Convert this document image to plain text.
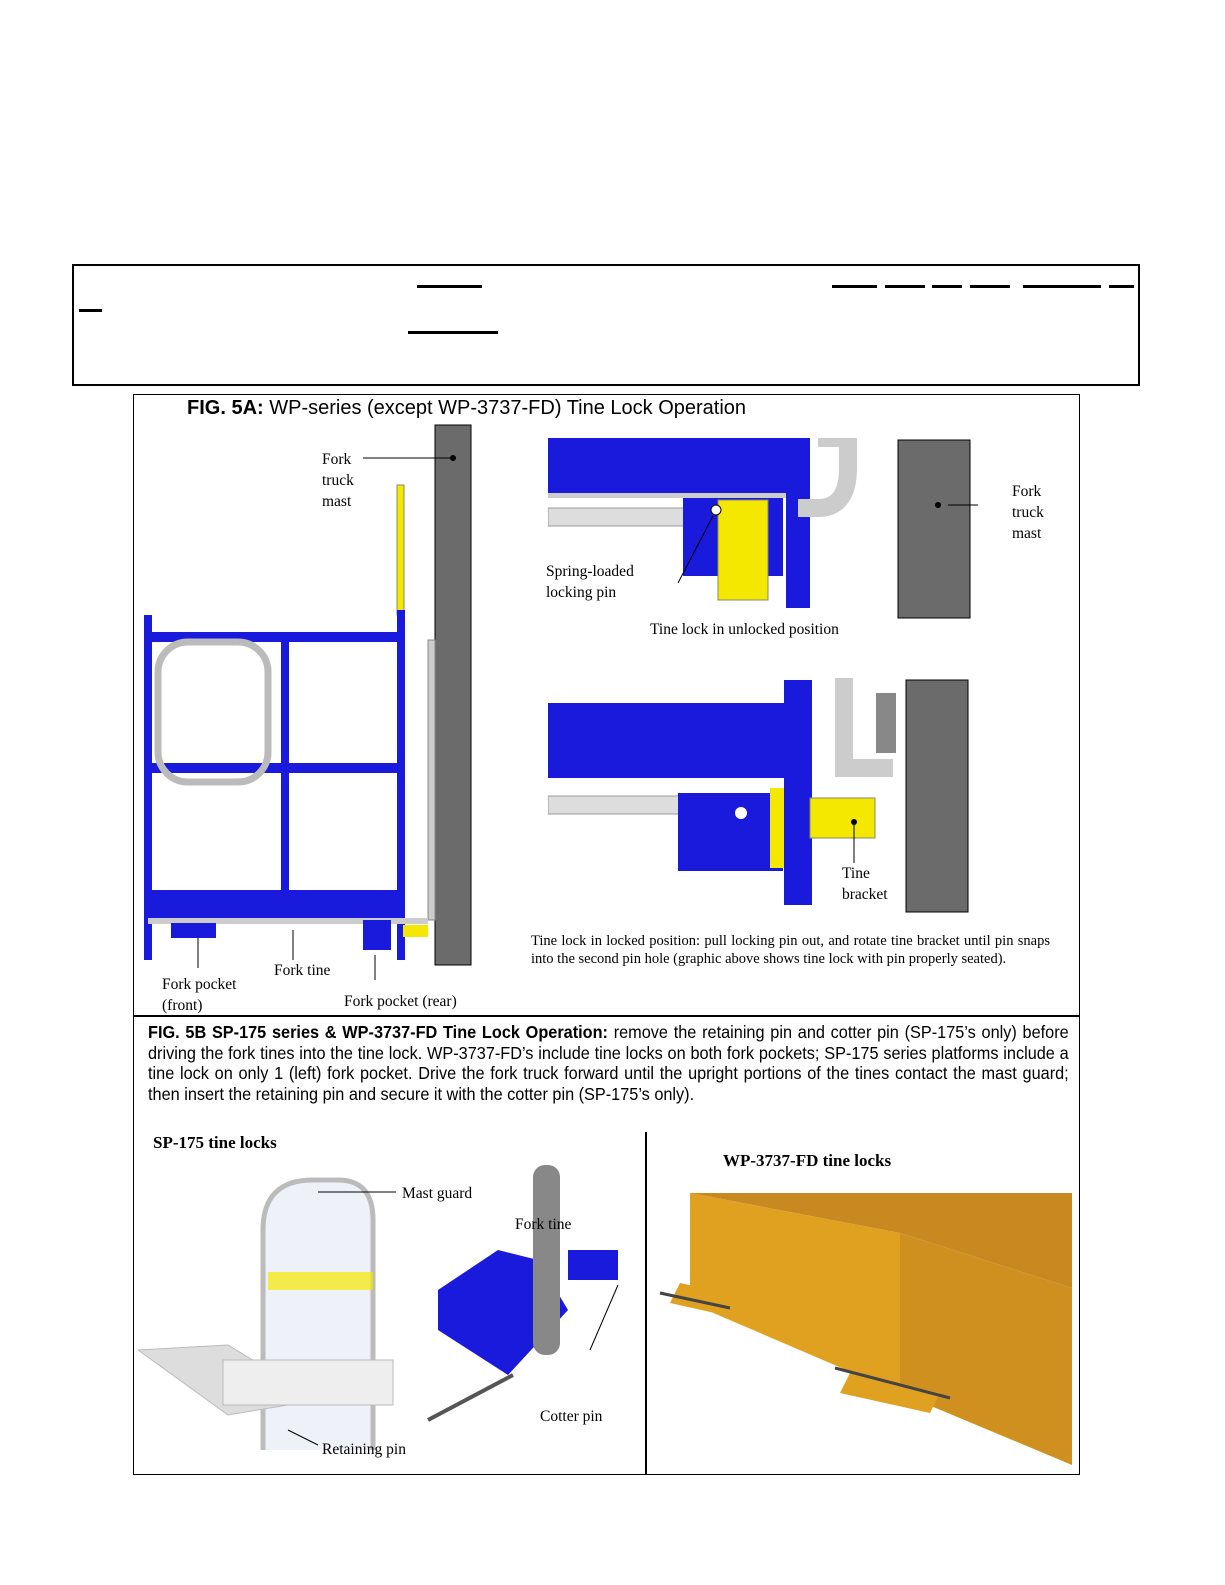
FIG. 5A: WP-series (except WP-3737-FD) Tine Lock Operation
Fork
truck
mast
Fork pocket
(front)
Fork tine
Fork pocket (rear)
Spring-loaded
locking pin
Fork
truck
mast
Tine lock in unlocked position
Tine
bracket
Tine lock in locked position: pull locking pin out, and rotate tine bracket until pin snaps into the second pin hole (graphic above shows tine lock with pin properly seated).
FIG. 5B SP-175 series & WP-3737-FD Tine Lock Operation: remove the retaining pin and cotter pin (SP-175’s only) before driving the fork tines into the tine lock. WP-3737-FD’s include tine locks on both fork pockets; SP-175 series platforms include a tine lock on only 1 (left) fork pocket. Drive the fork truck forward until the upright portions of the tines contact the mast guard; then insert the retaining pin and secure it with the cotter pin (SP-175’s only).
SP-175 tine locks
WP-3737-FD tine locks
Mast guard
Fork tine
Cotter pin
Retaining pin
